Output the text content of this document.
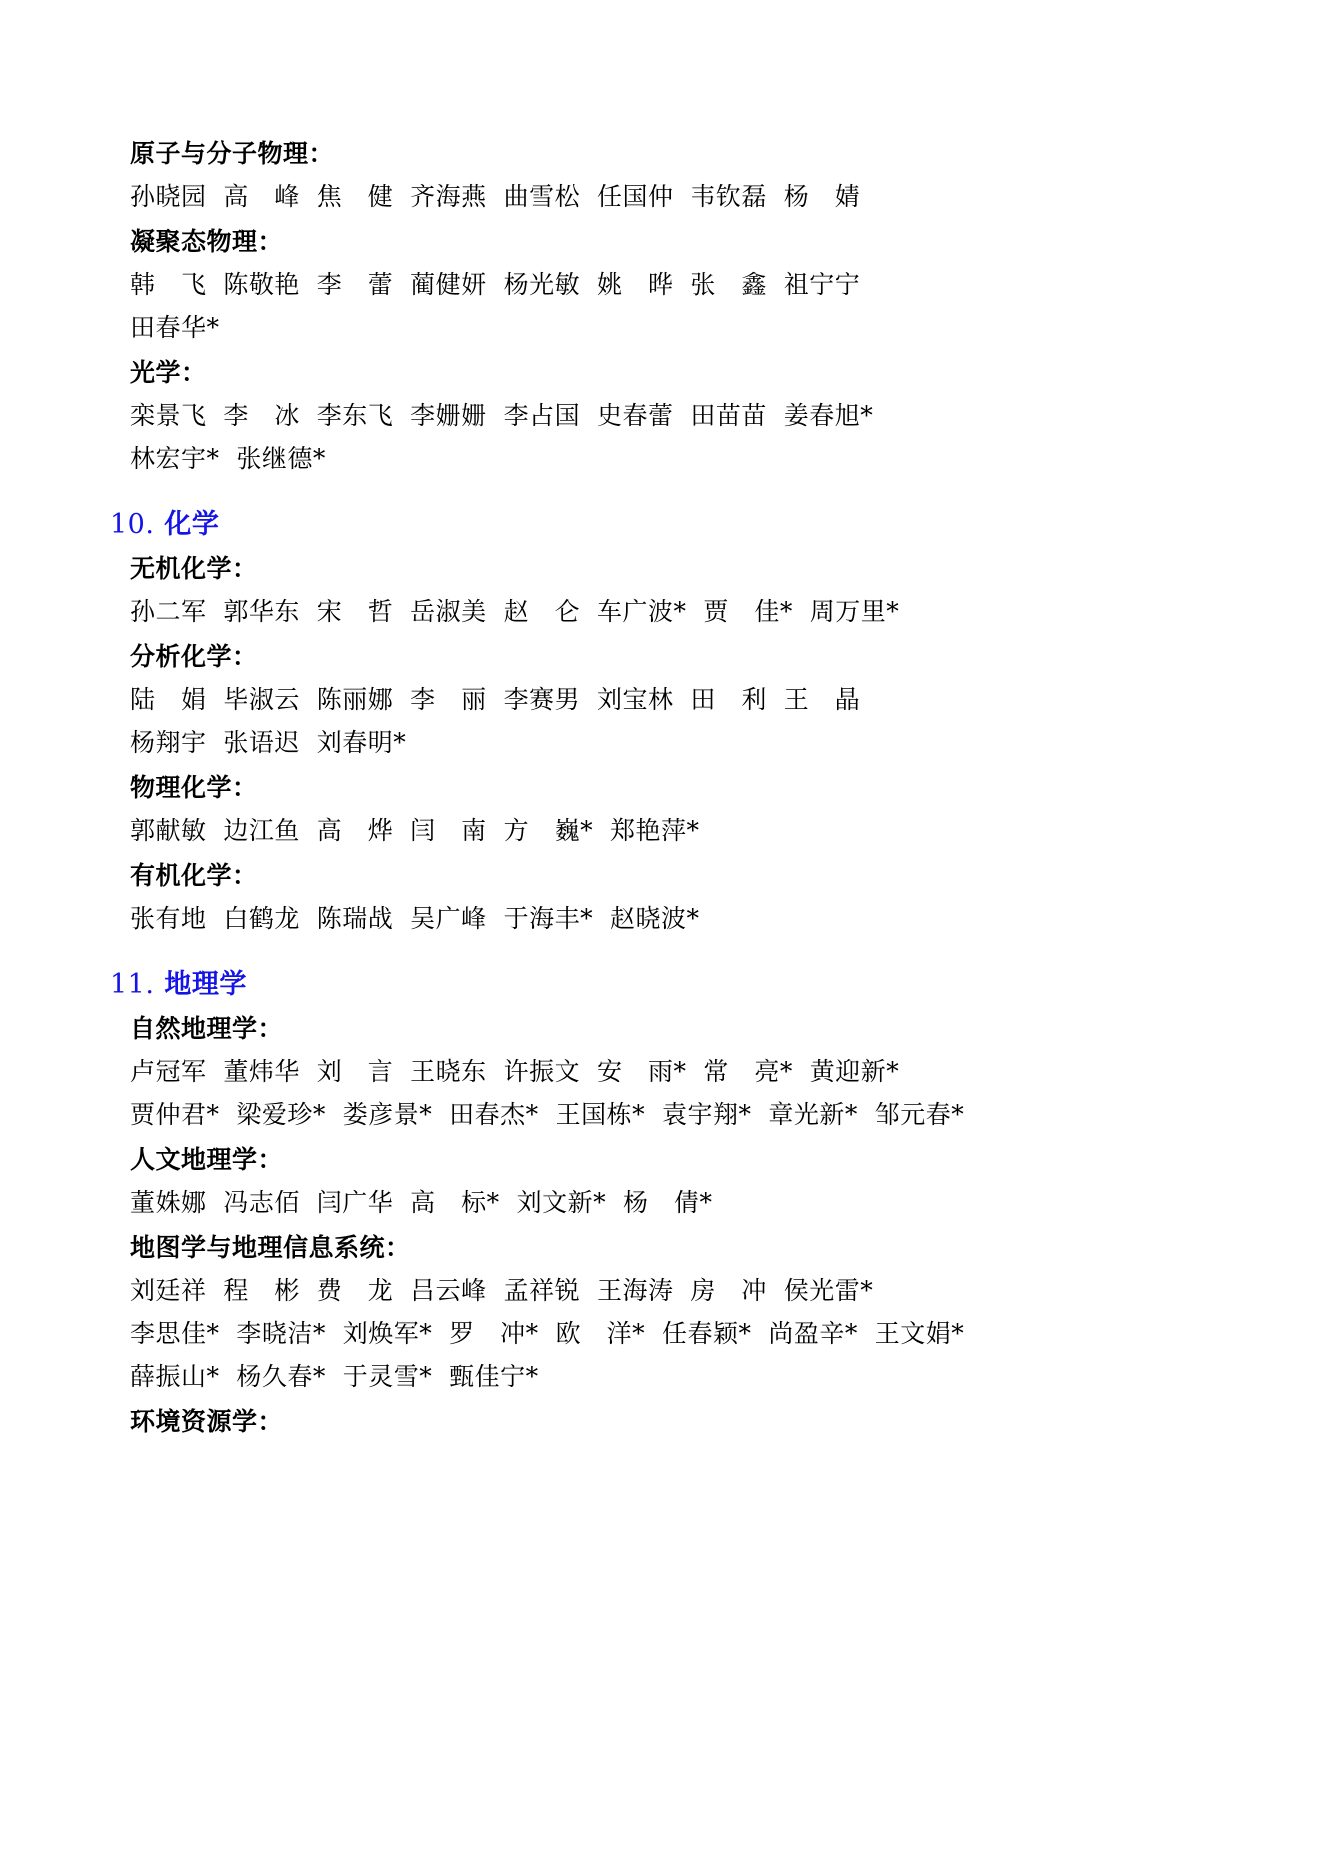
原子与分子物理：
孙晓园  高　峰  焦　健  齐海燕  曲雪松  任国仲  韦钦磊  杨　婧
凝聚态物理：
韩　飞  陈敬艳  李　蕾  蔺健妍  杨光敏  姚　晔  张　鑫  祖宁宁
田春华*
光学：
栾景飞  李　冰  李东飞  李姗姗  李占国  史春蕾  田苗苗  姜春旭*
林宏宇*  张继德*
10. 化学
无机化学：
孙二军  郭华东  宋　哲  岳淑美  赵　仑  车广波*  贾　佳*  周万里*
分析化学：
陆　娟  毕淑云  陈丽娜  李　丽  李赛男  刘宝林  田　利  王　晶
杨翔宇  张语迟  刘春明*
物理化学：
郭献敏  边江鱼  高　烨  闫　南  方　巍*  郑艳萍*
有机化学：
张有地  白鹤龙  陈瑞战  吴广峰  于海丰*  赵晓波*
11. 地理学
自然地理学：
卢冠军  董炜华  刘　言  王晓东  许振文  安　雨*  常　亮*  黄迎新*
贾仲君*  梁爱珍*  娄彦景*  田春杰*  王国栋*  袁宇翔*  章光新*  邹元春*
人文地理学：
董姝娜  冯志佰  闫广华  高　标*  刘文新*  杨　倩*
地图学与地理信息系统：
刘廷祥  程　彬  费　龙  吕云峰  孟祥锐  王海涛  房　冲  侯光雷*
李思佳*  李晓洁*  刘焕军*  罗　冲*  欧　洋*  任春颖*  尚盈辛*  王文娟*
薛振山*  杨久春*  于灵雪*  甄佳宁*
环境资源学：
